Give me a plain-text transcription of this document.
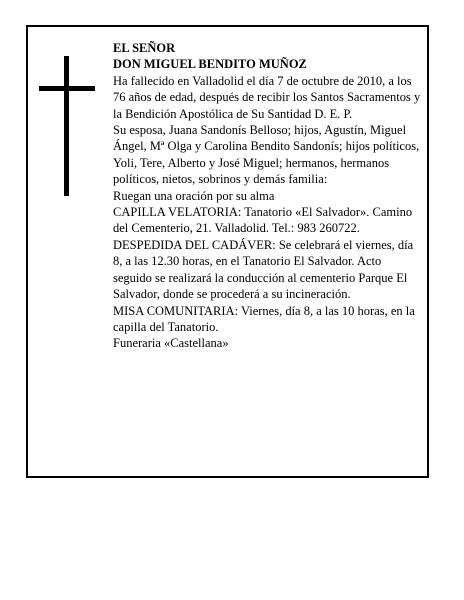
EL SEÑOR

DON MIGUEL BENDITO MUÑOZ

Ha fallecido en Valladolid el día 7 de octubre de 2010, a los 76 años de edad, después de recibir los Santos Sacramentos y la Bendición Apostólica de Su Santidad D. E. P.

Su esposa, Juana Sandonís Belloso; hijos, Agustín, Miguel Ángel, Mª Olga y Carolina Bendito Sandonís; hijos políticos, Yoli, Tere, Alberto y José Miguel; hermanos, hermanos políticos, nietos, sobrinos y demás familia:

Ruegan una oración por su alma

CAPILLA VELATORIA: Tanatorio «El Salvador». Camino del Cementerio, 21. Valladolid. Tel.: 983 260722.

DESPEDIDA DEL CADÁVER: Se celebrará el viernes, día 8, a las 12.30 horas, en el Tanatorio El Salvador. Acto seguido se realizará la conducción al cementerio Parque El Salvador, donde se procederá a su incineración.

MISA COMUNITARIA: Viernes, día 8, a las 10 horas, en la capilla del Tanatorio.

Funeraria «Castellana»
